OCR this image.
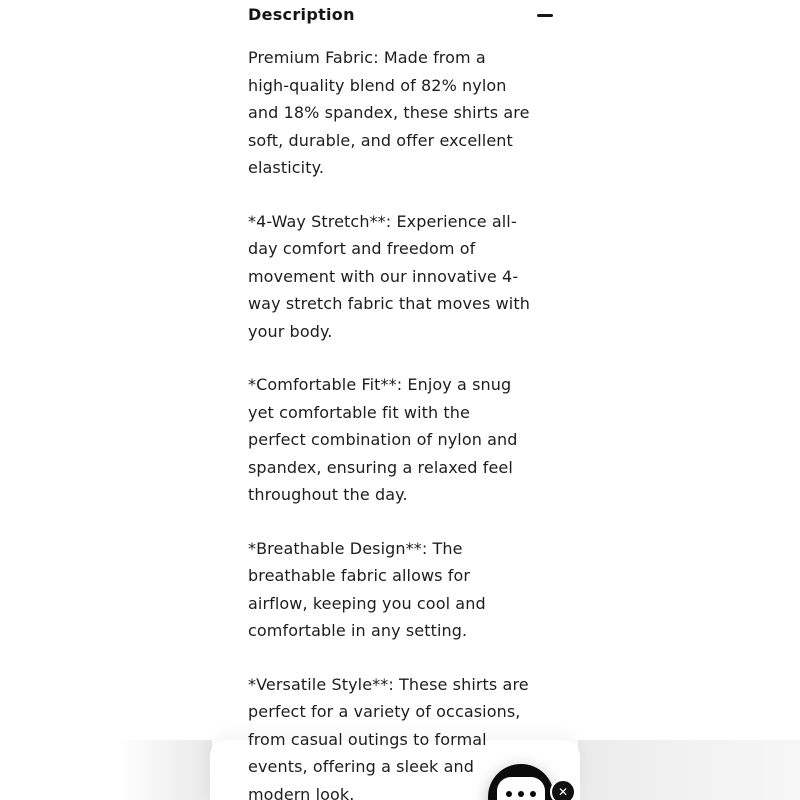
Description

Premium Fabric: Made from a
high-quality blend of 82% nylon
and 18% spandex, these shirts are
soft, durable, and offer excellent
elasticity.

*4-Way Stretch**: Experience all-
day comfort and freedom of
movement with our innovative 4-
way stretch fabric that moves with
your body.

*Comfortable Fit**: Enjoy a snug
yet comfortable fit with the
perfect combination of nylon and
spandex, ensuring a relaxed feel
throughout the day.

*Breathable Design**: The
breathable fabric allows for
airflow, keeping you cool and
comfortable in any setting.

*Versatile Style**: These shirts are
perfect for a variety of occasions,
from casual outings to formal
events, offering a sleek and
modern look.	✕
